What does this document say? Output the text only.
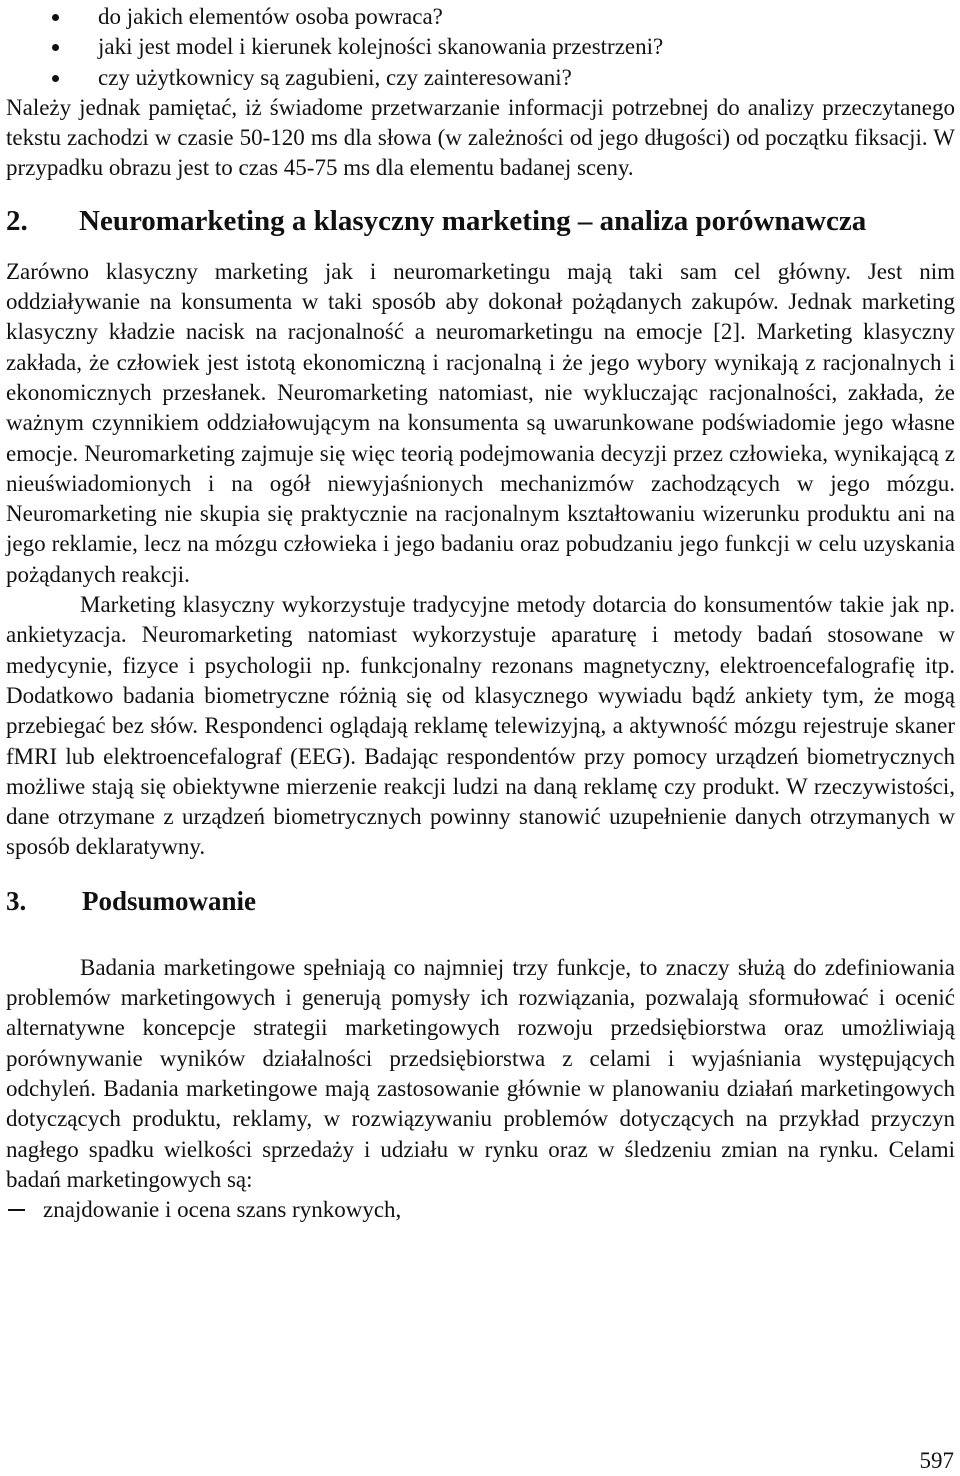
do jakich elementów osoba powraca?
jaki jest model i kierunek kolejności skanowania przestrzeni?
czy użytkownicy są zagubieni, czy zainteresowani?

Należy jednak pamiętać, iż świadome przetwarzanie informacji potrzebnej do analizy przeczytanego tekstu zachodzi w czasie 50-120 ms dla słowa (w zależności od jego długości) od początku fiksacji. W przypadku obrazu jest to czas 45-75 ms dla elementu badanej sceny.

2. Neuromarketing a klasyczny marketing – analiza porównawcza

Zarówno klasyczny marketing jak i neuromarketingu mają taki sam cel główny. Jest nim oddziaływanie na konsumenta w taki sposób aby dokonał pożądanych zakupów. Jednak marketing klasyczny kładzie nacisk na racjonalność a neuromarketingu na emocje [2]. Marketing klasyczny zakłada, że człowiek jest istotą ekonomiczną i racjonalną i że jego wybory wynikają z racjonalnych i ekonomicznych przesłanek. Neuromarketing natomiast, nie wykluczając racjonalności, zakłada, że ważnym czynnikiem oddziałowującym na konsumenta są uwarunkowane podświadomie jego własne emocje. Neuromarketing zajmuje się więc teorią podejmowania decyzji przez człowieka, wynikającą z nieuświadomionych i na ogół niewyjaśnionych mechanizmów zachodzących w jego mózgu. Neuromarketing nie skupia się praktycznie na racjonalnym kształtowaniu wizerunku produktu ani na jego reklamie, lecz na mózgu człowieka i jego badaniu oraz pobudzaniu jego funkcji w celu uzyskania pożądanych reakcji.

Marketing klasyczny wykorzystuje tradycyjne metody dotarcia do konsumentów takie jak np. ankietyzacja. Neuromarketing natomiast wykorzystuje aparaturę i metody badań stosowane w medycynie, fizyce i psychologii np. funkcjonalny rezonans magnetyczny, elektroencefalografię itp. Dodatkowo badania biometryczne różnią się od klasycznego wywiadu bądź ankiety tym, że mogą przebiegać bez słów. Respondenci oglądają reklamę telewizyjną, a aktywność mózgu rejestruje skaner fMRI lub elektroencefalograf (EEG). Badając respondentów przy pomocy urządzeń biometrycznych możliwe stają się obiektywne mierzenie reakcji ludzi na daną reklamę czy produkt. W rzeczywistości, dane otrzymane z urządzeń biometrycznych powinny stanowić uzupełnienie danych otrzymanych w sposób deklaratywny.

3. Podsumowanie

Badania marketingowe spełniają co najmniej trzy funkcje, to znaczy służą do zdefiniowania problemów marketingowych i generują pomysły ich rozwiązania, pozwalają sformułować i ocenić alternatywne koncepcje strategii marketingowych rozwoju przedsiębiorstwa oraz umożliwiają porównywanie wyników działalności przedsiębiorstwa z celami i wyjaśniania występujących odchyleń. Badania marketingowe mają zastosowanie głównie w planowaniu działań marketingowych dotyczących produktu, reklamy, w rozwiązywaniu problemów dotyczących na przykład przyczyn nagłego spadku wielkości sprzedaży i udziału w rynku oraz w śledzeniu zmian na rynku. Celami badań marketingowych są:

znajdowanie i ocena szans rynkowych,
597
